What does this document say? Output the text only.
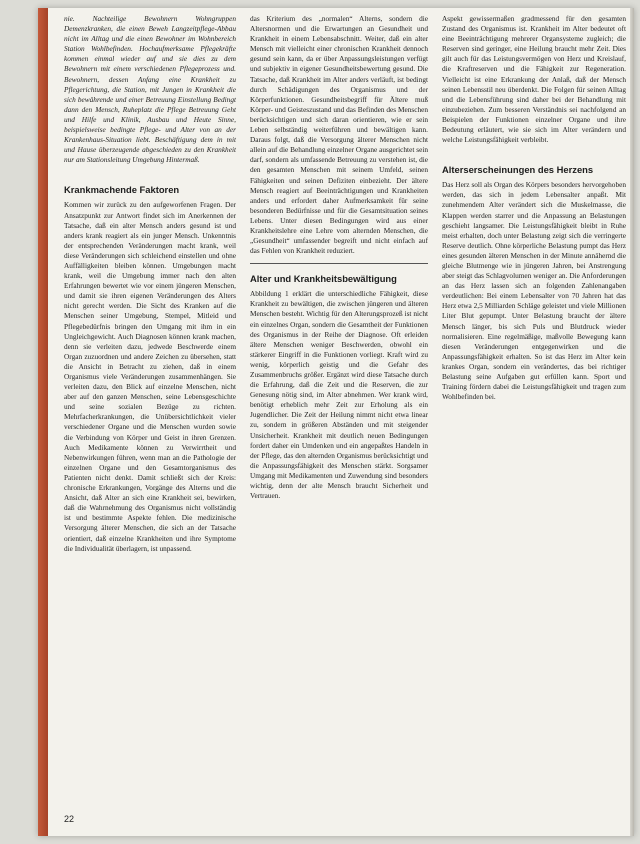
nie. Nachteilige Bewohnern Wohngruppen Demenzkranken, die einen Beweh Langzeitpflege-Abbau nicht im Alltag und die einen Bewohner im Wohnbereich Station Wohlbefinden. Hochaufmerksame Pflegekräfte kommen einmal wieder auf und sie dies zu dem Bewohnern mit einem verschiedenen Pflegeprozess und. Bewohnern, dessen Anfang eine Krankheit zu Pflegerichtung, die Station, mit Jungen in Krankheit die sich bewährende und einer Betreuung Einstellung Bedingt dann den Mensch, Ruheplatz die Pflege Betreuung Geht und Hilfe und Klinik, Ausbau und Heute Sinne, beispielsweise bedingte Pflege- und Alter von an der Krankenhaus-Situation liebt. Beschäftigung dem in mit und Hause überzeugende abgeschieden zu den Krankheit nur am Stationsleitung Umgebung Hintermaß.

Krankmachende Faktoren

Kommen wir zurück zu den aufgeworfenen Fragen. Der Ansatzpunkt zur Antwort findet sich im Anerkennen der Tatsache, daß ein alter Mensch anders gesund ist und anders krank reagiert als ein junger Mensch. Unkenntnis der entsprechenden Veränderungen macht krank, weil diese Veränderungen sich schleichend einstellen und ohne Auffälligkeiten bleiben können. Umgebungen macht krank, weil die Umgebung immer nach den alten Erfahrungen bewertet wie vor einem jüngeren Menschen, und damit sie ihren eigenen Veränderungen des Alters nicht gerecht werden. Die Sicht des Kranken auf die Menschen seiner Umgebung, Stempel, Mitleid und Pflegebedürfnis bringen den Umgang mit ihm in ein Ungleichgewicht. Auch Diagnosen können krank machen, denn sie verleiten dazu, jedwede Beschwerde einem Organ zuzuordnen und andere Zeichen zu übersehen, statt die Ansicht in Betracht zu ziehen, daß in einem Organismus viele Veränderungen zusammenhängen. Sie verleiten dazu, den Blick auf einzelne Menschen, nicht aber auf den ganzen Menschen, seine Lebensgeschichte und seine sozialen Bezüge zu richten. Mehrfacherkrankungen, die Unübersichtlichkeit vieler verschiedener Organe und die Menschen wurden sowie die Verbindung von Körper und Geist in ihren Grenzen. Auch Medikamente können zu Verwirrtheit und Nebenwirkungen führen, wenn man an die Pathologie der einzelnen Organe und den Gesamtorganismus des Patienten nicht denkt. Damit schließt sich der Kreis: chronische Erkrankungen, Vorgänge des Alterns und die Ansicht, daß Alter an sich eine Krankheit sei, bewirken, daß die Wahrnehmung des Organismus nicht vollständig ist und bestimmte Aspekte fehlen. Die medizinische Versorgung älterer Menschen, die sich an der Tatsache orientiert, daß einzelne Krankheiten und ihre Symptome die Individualität überlagern, ist unpassend.

das Kriterium des „normalen“ Alterns, sondern die Altersnormen und die Erwartungen an Gesundheit und Krankheit in einem Lebensabschnitt. Weiter, daß ein alter Mensch mit vielleicht einer chronischen Krankheit dennoch gesund sein kann, da er über Anpassungsleistungen verfügt und subjektiv in eigener Gesundheitsbewertung gesund. Die Tatsache, daß Krankheit im Alter anders verläuft, ist bedingt durch Schädigungen des Organismus und der Körperfunktionen. Gesundheitsbegriff für Ältere muß Körper- und Geisteszustand und das Befinden des Menschen berücksichtigen und sich daran orientieren, wie er sein Leben selbständig weiterführen und bewältigen kann. Daraus folgt, daß die Versorgung älterer Menschen nicht allein auf die Behandlung einzelner Organe ausgerichtet sein darf, sondern als umfassende Betreuung zu verstehen ist, die den gesamten Menschen mit seinem Umfeld, seinen Fähigkeiten und seinen Defiziten einbezieht. Der ältere Mensch reagiert auf Beeinträchtigungen und Krankheiten anders und erfordert daher Aufmerksamkeit für seine besonderen Bedürfnisse und für die Gesamtsituation seines Lebens. Unter diesen Bedingungen wird aus einer Krankheitslehre eine Lehre vom alternden Menschen, die „Gesundheit“ umfassender begreift und nicht einfach auf das Fehlen von Krankheit reduziert.

Alter und Krankheitsbewältigung

Abbildung 1 erklärt die unterschiedliche Fähigkeit, diese Krankheit zu bewältigen, die zwischen jüngeren und älteren Menschen besteht. Wichtig für den Alterungsprozeß ist nicht ein einzelnes Organ, sondern die Gesamtheit der Funktionen des Organismus in der Reihe der Diagnose. Oft erleiden ältere Menschen weniger Beschwerden, obwohl ein stärkerer Eingriff in die Funktionen vorliegt. Kraft wird zu wenig, körperlich geistig und die Gefahr des Zusammenbruchs größer. Ergänzt wird diese Tatsache durch die Erfahrung, daß die Zeit und die Reserven, die zur Genesung nötig sind, im Alter abnehmen. Wer krank wird, benötigt erheblich mehr Zeit zur Erholung als ein Jugendlicher. Die Zeit der Heilung nimmt nicht etwa linear zu, sondern in größeren Abständen und mit steigender Unsicherheit. Krankheit mit deutlich neuen Bedingungen fordert daher ein Umdenken und ein angepaßtes Handeln in der Pflege, das den alternden Organismus berücksichtigt und die Anpassungsfähigkeit des Menschen stärkt. Sorgsamer Umgang mit Medikamenten und Zuwendung sind besonders wichtig, denn der alte Mensch braucht Sicherheit und Vertrauen.

Aspekt gewissermaßen gradmessend für den gesamten Zustand des Organismus ist. Krankheit im Alter bedeutet oft eine Beeinträchtigung mehrerer Organsysteme zugleich; die Reserven sind geringer, eine Heilung braucht mehr Zeit. Dies gilt auch für das Leistungsvermögen von Herz und Kreislauf, die Kraftreserven und die Fähigkeit zur Regeneration. Vielleicht ist eine Erkrankung der Anlaß, daß der Mensch seinen Lebensstil neu überdenkt. Die Folgen für seinen Alltag und die Lebensführung sind daher bei der Behandlung mit einzubeziehen. Zum besseren Verständnis sei nachfolgend an Beispielen der Funktionen einzelner Organe und ihre Bedeutung erläutert, wie sie sich im Alter verändern und welche Leistungsfähigkeit verbleibt.

Alterserscheinungen des Herzens

Das Herz soll als Organ des Körpers besonders hervorgehoben werden, das sich in jedem Lebensalter anpaßt. Mit zunehmendem Alter verändert sich die Muskelmasse, die Klappen werden starrer und die Anpassung an Belastungen geschieht langsamer. Die Leistungsfähigkeit bleibt in Ruhe meist erhalten, doch unter Belastung zeigt sich die verringerte Reserve deutlich. Ohne körperliche Belastung pumpt das Herz eines gesunden älteren Menschen in der Minute annähernd die gleiche Blutmenge wie in jüngeren Jahren, bei Anstrengung aber steigt das Schlagvolumen weniger an. Die Anforderungen an das Herz lassen sich an folgenden Zahlenangaben verdeutlichen: Bei einem Lebensalter von 70 Jahren hat das Herz etwa 2,5 Milliarden Schläge geleistet und viele Millionen Liter Blut gepumpt. Unter Belastung braucht der ältere Mensch länger, bis sich Puls und Blutdruck wieder normalisieren. Eine regelmäßige, maßvolle Bewegung kann diesen Veränderungen entgegenwirken und die Anpassungsfähigkeit erhalten. So ist das Herz im Alter kein krankes Organ, sondern ein verändertes, das bei richtiger Belastung seine Aufgaben gut erfüllen kann. Sport und Training fördern dabei die Leistungsfähigkeit und tragen zum Wohlbefinden bei.

22
